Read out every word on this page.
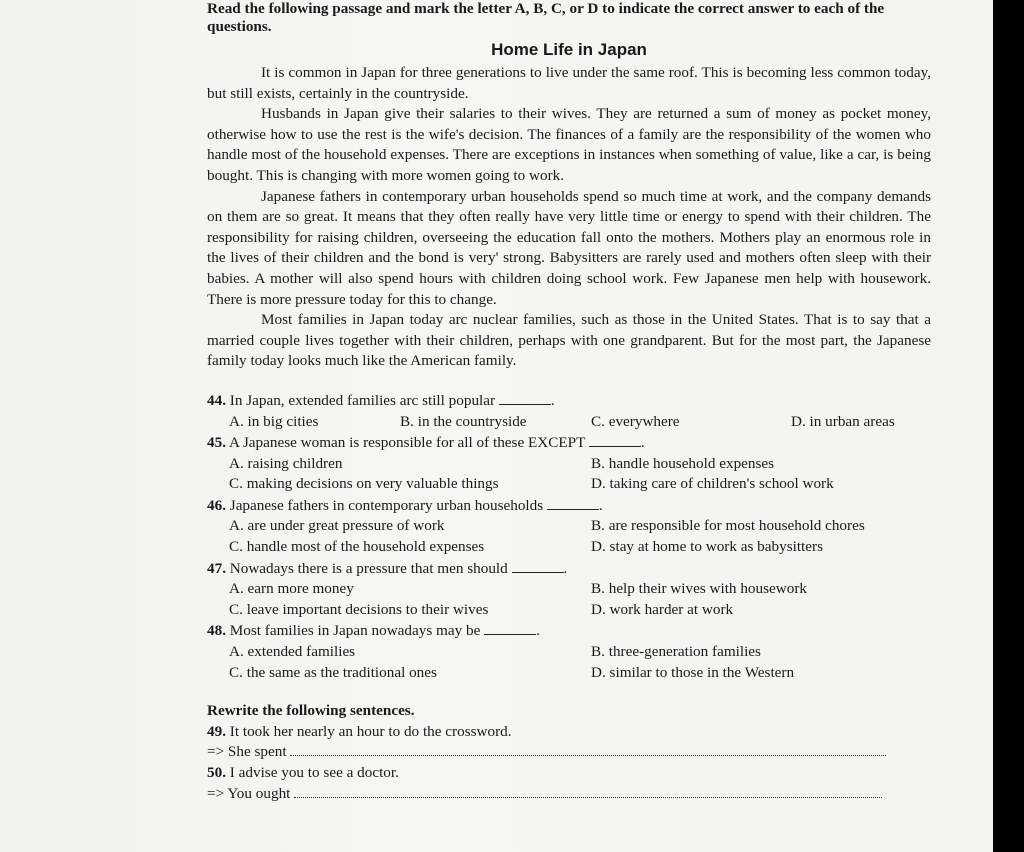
Read the following passage and mark the letter A, B, C, or D to indicate the correct answer to each of the questions.

Home Life in Japan

It is common in Japan for three generations to live under the same roof. This is becoming less common today, but still exists, certainly in the countryside.

Husbands in Japan give their salaries to their wives. They are returned a sum of money as pocket money, otherwise how to use the rest is the wife's decision. The finances of a family are the responsibility of the women who handle most of the household expenses. There are exceptions in instances when something of value, like a car, is being bought. This is changing with more women going to work.

Japanese fathers in contemporary urban households spend so much time at work, and the company demands on them are so great. It means that they often really have very little time or energy to spend with their children. The responsibility for raising children, overseeing the education fall onto the mothers. Mothers play an enormous role in the lives of their children and the bond is very' strong. Babysitters are rarely used and mothers often sleep with their babies. A mother will also spend hours with children doing school work. Few Japanese men help with housework. There is more pressure today for this to change.

Most families in Japan today arc nuclear families, such as those in the United States. That is to say that a married couple lives together with their children, perhaps with one grandparent. But for the most part, the Japanese family today looks much like the American family.

44. In Japan, extended families arc still popular	.

A. in big cities	B. in the countryside	C. everywhere	D. in urban areas

45. A Japanese woman is responsible for all of these EXCEPT	.

A. raising children	B. handle household expenses
C. making decisions on very valuable things	D. taking care of children's school work

46. Japanese fathers in contemporary urban households	.

A. are under great pressure of work	B. are responsible for most household chores
C. handle most of the household expenses	D. stay at home to work as babysitters

47. Nowadays there is a pressure that men should	.

A. earn more money	B. help their wives with housework
C. leave important decisions to their wives	D. work harder at work

48. Most families in Japan nowadays may be	.

A. extended families	B. three-generation families
C. the same as the traditional ones	D. similar to those in the Western

Rewrite the following sentences.

49. It took her nearly an hour to do the crossword.

=> She spent

50. I advise you to see a doctor.

=> You ought
